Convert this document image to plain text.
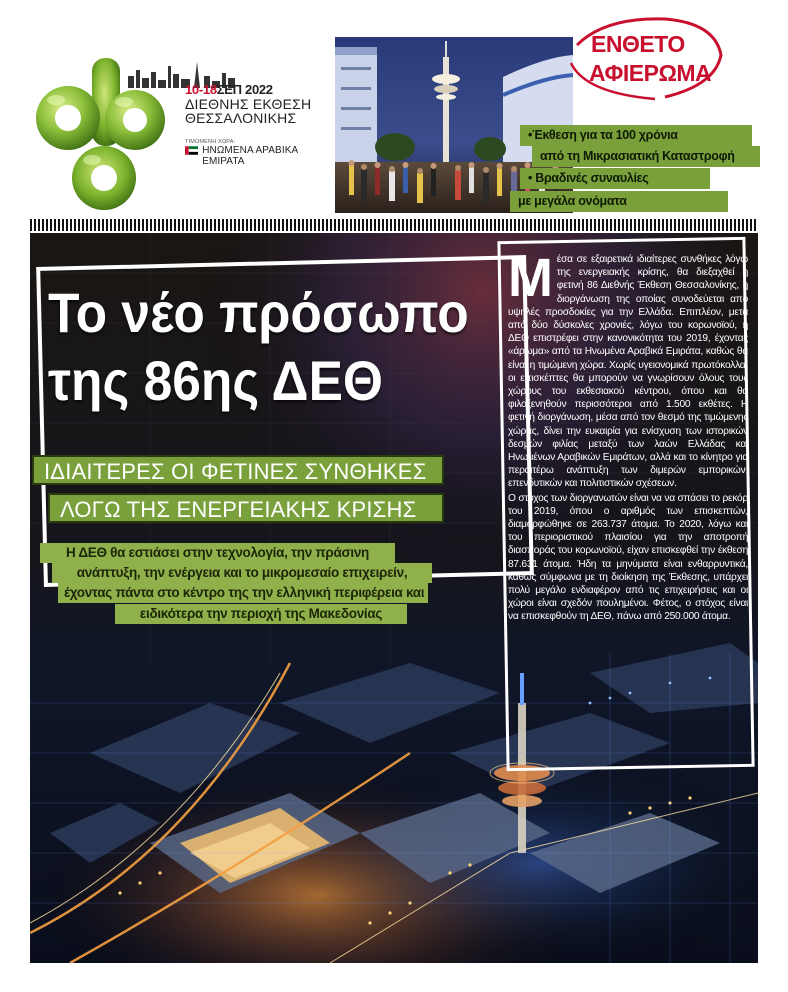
10-18ΣΕΠ 2022
ΔΙΕΘΝΗΣ ΕΚΘΕΣΗ
ΘΕΣΣΑΛΟΝΙΚΗΣ
ΤΙΜΩΜΕΝΗ ΧΩΡΑ:
ΗΝΩΜΕΝΑ ΑΡΑΒΙΚΑ ΕΜΙΡΑΤΑ
ΕΝΘΕΤΟ
ΑΦΙΕΡΩΜΑ
•Έκθεση για τα 100 χρόνια
από τη Μικρασιατική Καταστροφή
• Βραδινές συναυλίες
με μεγάλα ονόματα
Το νέο πρόσωπο
της 86ης ΔΕΘ
ΙΔΙΑΙΤΕΡΕΣ ΟΙ ΦΕΤΙΝΕΣ ΣΥΝΘΗΚΕΣ
ΛΟΓΩ ΤΗΣ ΕΝΕΡΓΕΙΑΚΗΣ ΚΡΙΣΗΣ
Η ΔΕΘ θα εστιάσει στην τεχνολογία, την πράσινη
ανάπτυξη, την ενέργεια και το μικρομεσαίο επιχειρείν,
έχοντας πάντα στο κέντρο της την ελληνική περιφέρεια και
ειδικότερα την περιοχή της Μακεδονίας

Μέσα σε εξαιρετικά ιδιαίτερες συνθήκες λόγω της ενεργειακής κρίσης, θα διεξαχθεί η φετινή 86 Διεθνής Έκθεση Θεσσαλονίκης, η διοργάνωση της οποίας συνοδεύεται από υψηλές προσδοκίες για την Ελλάδα. Επιπλέον, μετά από δύο δύσκολες χρονιές, λόγω του κορωνοϊού, η ΔΕΘ επιστρέφει στην κανονικότητα του 2019, έχοντας «άρωμα» από τα Ηνωμένα Αραβικά Εμιράτα, καθώς θα είναι η τιμώμενη χώρα. Χωρίς υγειονομικά πρωτόκολλα, οι επισκέπτες θα μπορούν να γνωρίσουν όλους τους χώρους του εκθεσιακού κέντρου, όπου και θα φιλοξενηθούν περισσότεροι από 1.500 εκθέτες. Η φετινή διοργάνωση, μέσα από τον θεσμό της τιμώμενης χώρας, δίνει την ευκαιρία για ενίσχυση των ιστορικών δεσμών φιλίας μεταξύ των λαών Ελλάδας και Ηνωμένων Αραβικών Εμιράτων, αλλά και το κίνητρο για περαιτέρω ανάπτυξη των διμερών εμπορικών, επενδυτικών και πολιτιστικών σχέσεων.

Ο στόχος των διοργανωτών είναι να να σπάσει το ρεκόρ του 2019, όπου ο αριθμός των επισκεπτών, διαμορφώθηκε σε 263.737 άτομα. Το 2020, λόγω και του περιοριστικού πλαισίου για την αποτροπή διασποράς του κορωνοϊού, είχαν επισκεφθεί την έκθεση 87.631 άτομα. Ήδη τα μηνύματα είναι ενθαρρυντικά, καθώς σύμφωνα με τη διοίκηση της Έκθεσης, υπάρχει πολύ μεγάλο ενδιαφέρον από τις επιχειρήσεις και οι χώροι είναι σχεδόν πουλημένοι. Φέτος, ο στόχος είναι να επισκεφθούν τη ΔΕΘ, πάνω από 250.000 άτομα.
